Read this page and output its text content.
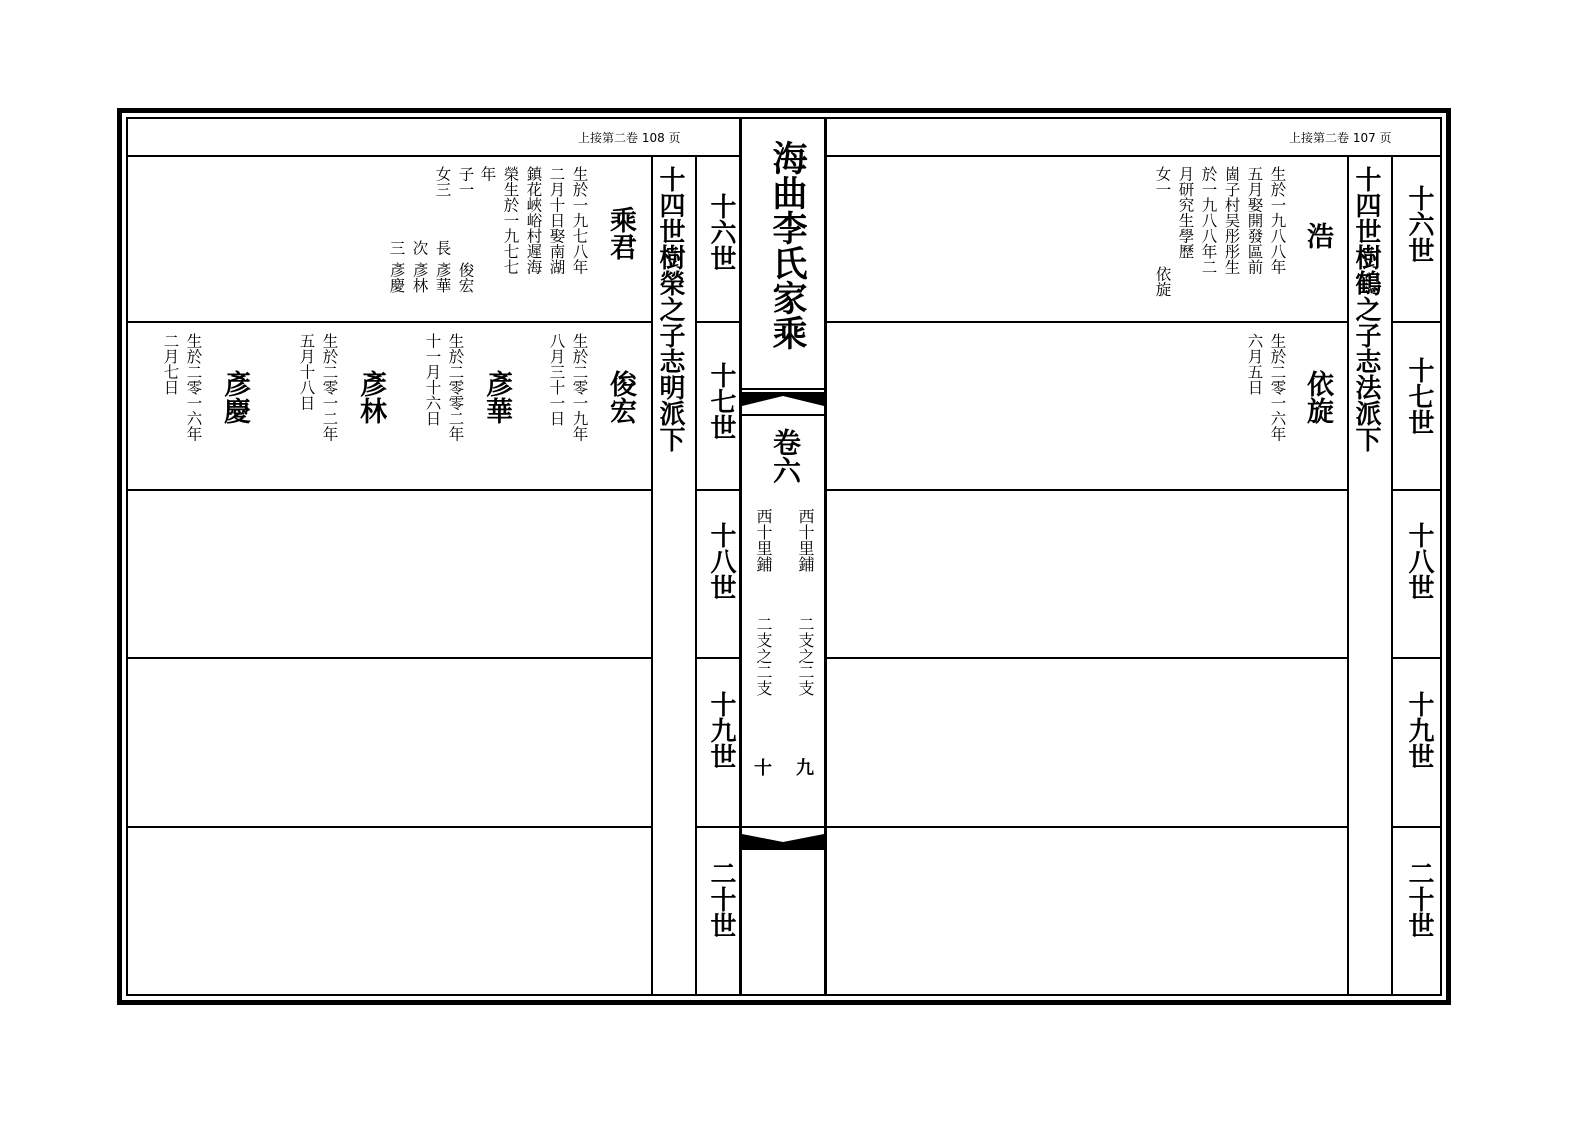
上接第二卷 108 页	上接第二卷 107 页
十四世樹榮之子志明派下	十四世樹鶴之子志法派下
十六世
十七世
十八世
十九世
二十世
十六世
十七世
十八世
十九世
二十世
乘君
生於一九七八年
二月十日娶南湖
鎮花峽峪村遲海
榮生於一九七七
年
子一
女三
俊宏
長
彥華
次
彥林
三
彥慶
俊宏
生於二零一九年
八月三十一日
彥華
生於二零零二年
十一月十六日
彥林
生於二零一二年
五月十八日
彥慶
生於二零一六年
二月七日
浩
生於一九八八年
五月娶開發區前
崮子村吴彤彤生
於一九八八年二
月研究生學歷
女一
依旋
依旋
生於二零一六年
六月五日
海曲李氏家乘
卷六
西十里鋪
西十里鋪
二支之二支
二支之二支
九
十
